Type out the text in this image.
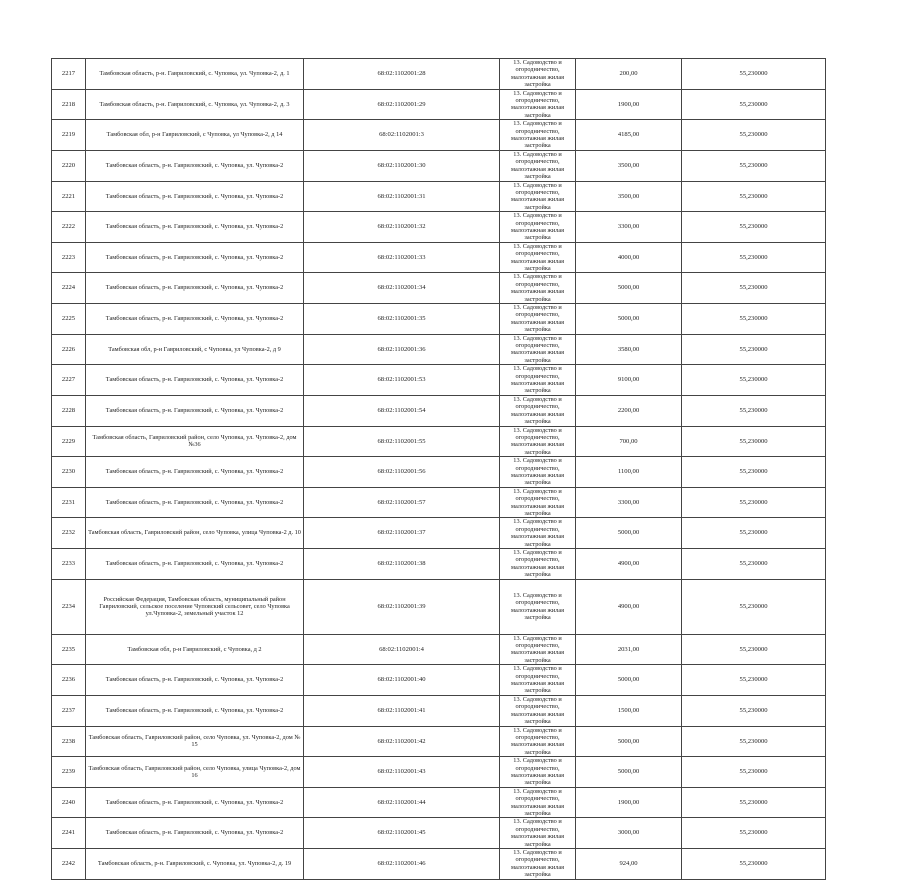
2217	Тамбовская область, р-н. Гавриловский, с. Чуповка, ул. Чуповка-2, д. 1	68:02:1102001:28	13. Садоводство и огородничество, малоэтажная жилая застройка	200,00	55,230000	
2218	Тамбовская область, р-н. Гавриловский, с. Чуповка, ул. Чуповка-2, д. 3	68:02:1102001:29	13. Садоводство и огородничество, малоэтажная жилая застройка	1900,00	55,230000	
2219	Тамбовская обл, р-н Гавриловский, с Чуповка, ул Чуповка-2, д 14	68:02:1102001:3	13. Садоводство и огородничество, малоэтажная жилая застройка	4185,00	55,230000	
2220	Тамбовская область, р-н. Гавриловский, с. Чуповка, ул. Чуповка-2	68:02:1102001:30	13. Садоводство и огородничество, малоэтажная жилая застройка	3500,00	55,230000	
2221	Тамбовская область, р-н. Гавриловский, с. Чуповка, ул. Чуповка-2	68:02:1102001:31	13. Садоводство и огородничество, малоэтажная жилая застройка	3500,00	55,230000	
2222	Тамбовская область, р-н. Гавриловский, с. Чуповка, ул. Чуповка-2	68:02:1102001:32	13. Садоводство и огородничество, малоэтажная жилая застройка	3300,00	55,230000	
2223	Тамбовская область, р-н. Гавриловский, с. Чуповка, ул. Чуповка-2	68:02:1102001:33	13. Садоводство и огородничество, малоэтажная жилая застройка	4000,00	55,230000	
2224	Тамбовская область, р-н. Гавриловский, с. Чуповка, ул. Чуповка-2	68:02:1102001:34	13. Садоводство и огородничество, малоэтажная жилая застройка	5000,00	55,230000	
2225	Тамбовская область, р-н. Гавриловский, с. Чуповка, ул. Чуповка-2	68:02:1102001:35	13. Садоводство и огородничество, малоэтажная жилая застройка	5000,00	55,230000	
2226	Тамбовская обл, р-н Гавриловский, с Чуповка, ул Чуповка-2, д 9	68:02:1102001:36	13. Садоводство и огородничество, малоэтажная жилая застройка	3580,00	55,230000	
2227	Тамбовская область, р-н. Гавриловский, с. Чуповка, ул. Чуповка-2	68:02:1102001:53	13. Садоводство и огородничество, малоэтажная жилая застройка	9100,00	55,230000	
2228	Тамбовская область, р-н. Гавриловский, с. Чуповка, ул. Чуповка-2	68:02:1102001:54	13. Садоводство и огородничество, малоэтажная жилая застройка	2200,00	55,230000	
2229	Тамбовская область, Гавриловский район, село Чуповка, ул. Чуповка-2, дом №36	68:02:1102001:55	13. Садоводство и огородничество, малоэтажная жилая застройка	700,00	55,230000	
2230	Тамбовская область, р-н. Гавриловский, с. Чуповка, ул. Чуповка-2	68:02:1102001:56	13. Садоводство и огородничество, малоэтажная жилая застройка	1100,00	55,230000	
2231	Тамбовская область, р-н. Гавриловский, с. Чуповка, ул. Чуповка-2	68:02:1102001:57	13. Садоводство и огородничество, малоэтажная жилая застройка	3300,00	55,230000	
2232	Тамбовская область, Гавриловский район, село Чуповка, улица Чуповка-2 д. 10	68:02:1102001:37	13. Садоводство и огородничество, малоэтажная жилая застройка	5000,00	55,230000	
2233	Тамбовская область, р-н. Гавриловский, с. Чуповка, ул. Чуповка-2	68:02:1102001:38	13. Садоводство и огородничество, малоэтажная жилая застройка	4900,00	55,230000	
2234	Российская Федерация, Тамбовская область, муниципальный район Гавриловский, сельское поселение Чуповский сельсовет, село Чуповка ул.Чуповка-2, земельный участок 12	68:02:1102001:39	13. Садоводство и огородничество, малоэтажная жилая застройка	4900,00	55,230000	
2235	Тамбовская обл, р-н Гавриловский, с Чуповка, д 2	68:02:1102001:4	13. Садоводство и огородничество, малоэтажная жилая застройка	2031,00	55,230000	
2236	Тамбовская область, р-н. Гавриловский, с. Чуповка, ул. Чуповка-2	68:02:1102001:40	13. Садоводство и огородничество, малоэтажная жилая застройка	5000,00	55,230000	
2237	Тамбовская область, р-н. Гавриловский, с. Чуповка, ул. Чуповка-2	68:02:1102001:41	13. Садоводство и огородничество, малоэтажная жилая застройка	1500,00	55,230000	
2238	Тамбовская область, Гавриловский район, село Чуповка, ул. Чуповка-2, дом № 15	68:02:1102001:42	13. Садоводство и огородничество, малоэтажная жилая застройка	5000,00	55,230000	
2239	Тамбовская область, Гавриловский район, село Чуповка, улица Чуповка-2, дом 16	68:02:1102001:43	13. Садоводство и огородничество, малоэтажная жилая застройка	5000,00	55,230000	
2240	Тамбовская область, р-н. Гавриловский, с. Чуповка, ул. Чуповка-2	68:02:1102001:44	13. Садоводство и огородничество, малоэтажная жилая застройка	1900,00	55,230000	
2241	Тамбовская область, р-н. Гавриловский, с. Чуповка, ул. Чуповка-2	68:02:1102001:45	13. Садоводство и огородничество, малоэтажная жилая застройка	3000,00	55,230000	
2242	Тамбовская область, р-н. Гавриловский, с. Чуповка, ул. Чуповка-2, д. 19	68:02:1102001:46	13. Садоводство и огородничество, малоэтажная жилая застройка	924,00	55,230000	
